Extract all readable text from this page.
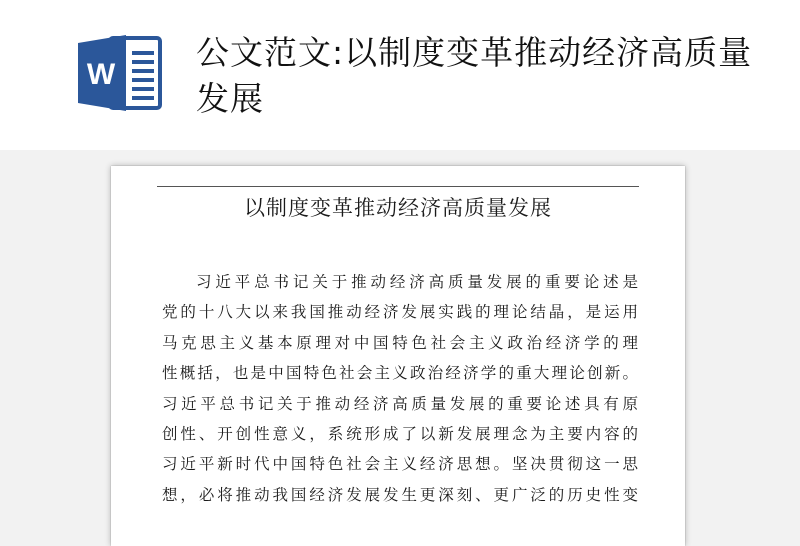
W
公文范文:以制度变革推动经济高质量发展
以制度变革推动经济高质量发展
习近平总书记关于推动经济高质量发展的重要论述是
党的十八大以来我国推动经济发展实践的理论结晶，是运用
马克思主义基本原理对中国特色社会主义政治经济学的理
性概括，也是中国特色社会主义政治经济学的重大理论创新。
习近平总书记关于推动经济高质量发展的重要论述具有原
创性、开创性意义，系统形成了以新发展理念为主要内容的
习近平新时代中国特色社会主义经济思想。坚决贯彻这一思
想，必将推动我国经济发展发生更深刻、更广泛的历史性变
